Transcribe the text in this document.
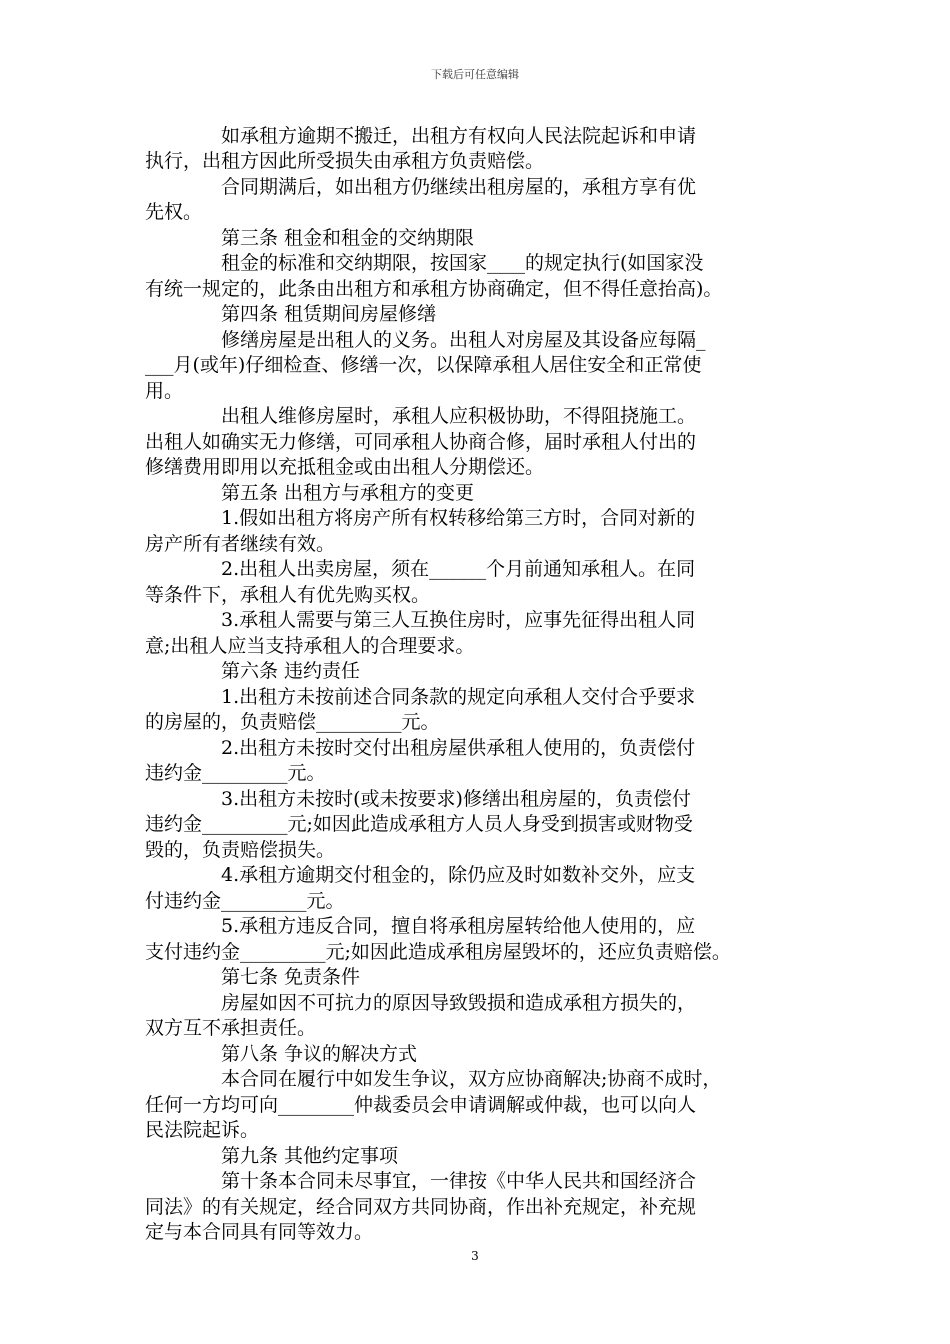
下载后可任意编辑
　　　　如承租方逾期不搬迁，出租方有权向人民法院起诉和申请
执行，出租方因此所受损失由承租方负责赔偿。
　　　　合同期满后，如出租方仍继续出租房屋的，承租方享有优
先权。
　　　　第三条 租金和租金的交纳期限
　　　　租金的标准和交纳期限，按国家____的规定执行(如国家没
有统一规定的，此条由出租方和承租方协商确定，但不得任意抬高)。
　　　　第四条 租赁期间房屋修缮
　　　　修缮房屋是出租人的义务。出租人对房屋及其设备应每隔_
___月(或年)仔细检查、修缮一次，以保障承租人居住安全和正常使
用。
　　　　出租人维修房屋时，承租人应积极协助，不得阻挠施工。
出租人如确实无力修缮，可同承租人协商合修，届时承租人付出的
修缮费用即用以充抵租金或由出租人分期偿还。
　　　　第五条 出租方与承租方的变更
　　　　1.假如出租方将房产所有权转移给第三方时，合同对新的
房产所有者继续有效。
　　　　2.出租人出卖房屋，须在______个月前通知承租人。在同
等条件下，承租人有优先购买权。
　　　　3.承租人需要与第三人互换住房时，应事先征得出租人同
意;出租人应当支持承租人的合理要求。
　　　　第六条 违约责任
　　　　1.出租方未按前述合同条款的规定向承租人交付合乎要求
的房屋的，负责赔偿_________元。
　　　　2.出租方未按时交付出租房屋供承租人使用的，负责偿付
违约金_________元。
　　　　3.出租方未按时(或未按要求)修缮出租房屋的，负责偿付
违约金_________元;如因此造成承租方人员人身受到损害或财物受
毁的，负责赔偿损失。
　　　　4.承租方逾期交付租金的，除仍应及时如数补交外，应支
付违约金_________元。
　　　　5.承租方违反合同，擅自将承租房屋转给他人使用的，应
支付违约金_________元;如因此造成承租房屋毁坏的，还应负责赔偿。
　　　　第七条 免责条件
　　　　房屋如因不可抗力的原因导致毁损和造成承租方损失的，
双方互不承担责任。
　　　　第八条 争议的解决方式
　　　　本合同在履行中如发生争议，双方应协商解决;协商不成时，
任何一方均可向________仲裁委员会申请调解或仲裁，也可以向人
民法院起诉。
　　　　第九条 其他约定事项
　　　　第十条本合同未尽事宜，一律按《中华人民共和国经济合
同法》的有关规定，经合同双方共同协商，作出补充规定，补充规
定与本合同具有同等效力。
3
